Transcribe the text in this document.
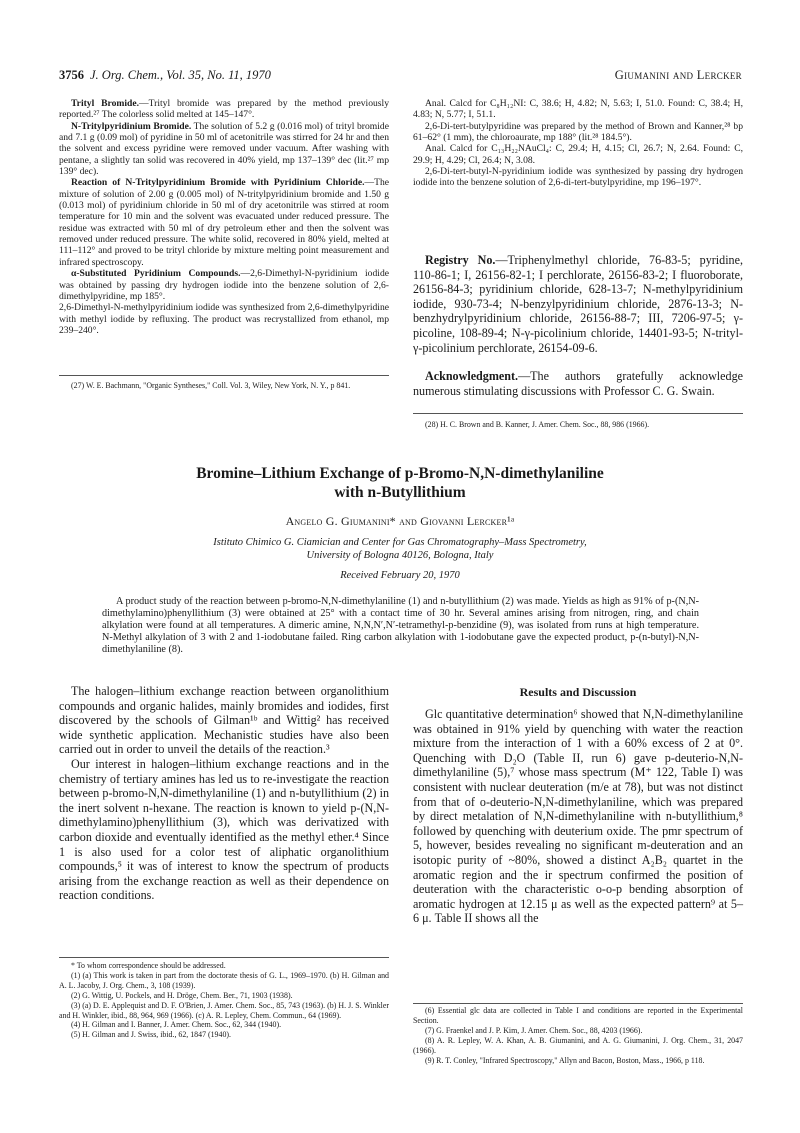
3756 J. Org. Chem., Vol. 35, No. 11, 1970	Giumanini and Lercker

Trityl Bromide.—Trityl bromide was prepared by the method previously reported.²⁷ The colorless solid melted at 145–147°.

N-Tritylpyridinium Bromide. The solution of 5.2 g (0.016 mol) of trityl bromide and 7.1 g (0.09 mol) of pyridine in 50 ml of acetonitrile was stirred for 24 hr and then the solvent and excess pyridine were removed under vacuum. After washing with pentane, a slightly tan solid was recovered in 40% yield, mp 137–139° dec (lit.²⁷ mp 139° dec).

Reaction of N-Tritylpyridinium Bromide with Pyridinium Chloride.—The mixture of solution of 2.00 g (0.005 mol) of N-tritylpyridinium bromide and 1.50 g (0.013 mol) of pyridinium chloride in 50 ml of dry acetonitrile was stirred at room temperature for 10 min and the solvent was evacuated under reduced pressure. The residue was extracted with 50 ml of dry petroleum ether and then the solvent was removed under reduced pressure. The white solid, recovered in 80% yield, melted at 111–112° and proved to be trityl chloride by mixture melting point measurement and infrared spectroscopy.

α-Substituted Pyridinium Compounds.—2,6-Dimethyl-N-pyridinium iodide was obtained by passing dry hydrogen iodide into the benzene solution of 2,6-dimethylpyridine, mp 185°.

2,6-Dimethyl-N-methylpyridinium iodide was synthesized from 2,6-dimethylpyridine with methyl iodide by refluxing. The product was recrystallized from ethanol, mp 239–240°.

(27) W. E. Bachmann, "Organic Syntheses," Coll. Vol. 3, Wiley, New York, N. Y., p 841.

Anal. Calcd for C₈H₁₂NI: C, 38.6; H, 4.82; N, 5.63; I, 51.0. Found: C, 38.4; H, 4.83; N, 5.77; I, 51.1.

2,6-Di-tert-butylpyridine was prepared by the method of Brown and Kanner,²⁸ bp 61–62° (1 mm), the chloroaurate, mp 188° (lit.²⁸ 184.5°).

Anal. Calcd for C₁₃H₂₂NAuCl₄: C, 29.4; H, 4.15; Cl, 26.7; N, 2.64. Found: C, 29.9; H, 4.29; Cl, 26.4; N, 3.08.

2,6-Di-tert-butyl-N-pyridinium iodide was synthesized by passing dry hydrogen iodide into the benzene solution of 2,6-di-tert-butylpyridine, mp 196–197°.

Registry No.—Triphenylmethyl chloride, 76-83-5; pyridine, 110-86-1; I, 26156-82-1; I perchlorate, 26156-83-2; I fluoroborate, 26156-84-3; pyridinium chloride, 628-13-7; N-methylpyridinium iodide, 930-73-4; N-benzylpyridinium chloride, 2876-13-3; N-benzhydrylpyridinium chloride, 26156-88-7; III, 7206-97-5; γ-picoline, 108-89-4; N-γ-picolinium chloride, 14401-93-5; N-trityl-γ-picolinium perchlorate, 26154-09-6.

Acknowledgment.—The authors gratefully acknowledge numerous stimulating discussions with Professor C. G. Swain.

(28) H. C. Brown and B. Kanner, J. Amer. Chem. Soc., 88, 986 (1966).

Bromine–Lithium Exchange of p-Bromo-N,N-dimethylaniline
with n-Butyllithium
Angelo G. Giumanini* and Giovanni Lercker¹ᵃ
Istituto Chimico G. Ciamician and Center for Gas Chromatography–Mass Spectrometry,
University of Bologna 40126, Bologna, Italy
Received February 20, 1970

A product study of the reaction between p-bromo-N,N-dimethylaniline (1) and n-butyllithium (2) was made. Yields as high as 91% of p-(N,N-dimethylamino)phenyllithium (3) were obtained at 25° with a contact time of 30 hr. Several amines arising from nitrogen, ring, and chain alkylation were found at all temperatures. A dimeric amine, N,N,N′,N′-tetramethyl-p-benzidine (9), was isolated from runs at high temperature. N-Methyl alkylation of 3 with 2 and 1-iodobutane failed. Ring carbon alkylation with 1-iodobutane gave the expected product, p-(n-butyl)-N,N-dimethylaniline (8).

The halogen–lithium exchange reaction between organolithium compounds and organic halides, mainly bromides and iodides, first discovered by the schools of Gilman¹ᵇ and Wittig² has received wide synthetic application. Mechanistic studies have also been carried out in order to unveil the details of the reaction.³

Our interest in halogen–lithium exchange reactions and in the chemistry of tertiary amines has led us to re-investigate the reaction between p-bromo-N,N-dimethylaniline (1) and n-butyllithium (2) in the inert solvent n-hexane. The reaction is known to yield p-(N,N-dimethylamino)phenyllithium (3), which was derivatized with carbon dioxide and eventually identified as the methyl ether.⁴ Since 1 is also used for a color test of aliphatic organolithium compounds,⁵ it was of interest to know the spectrum of products arising from the exchange reaction as well as their dependence on reaction conditions.

* To whom correspondence should be addressed.

(1) (a) This work is taken in part from the doctorate thesis of G. L., 1969–1970. (b) H. Gilman and A. L. Jacoby, J. Org. Chem., 3, 108 (1939).

(2) G. Wittig, U. Pockels, and H. Dröge, Chem. Ber., 71, 1903 (1938).

(3) (a) D. E. Applequist and D. F. O'Brien, J. Amer. Chem. Soc., 85, 743 (1963). (b) H. J. S. Winkler and H. Winkler, ibid., 88, 964, 969 (1966). (c) A. R. Lepley, Chem. Commun., 64 (1969).

(4) H. Gilman and I. Banner, J. Amer. Chem. Soc., 62, 344 (1940).

(5) H. Gilman and J. Swiss, ibid., 62, 1847 (1940).

Results and Discussion

Glc quantitative determination⁶ showed that N,N-dimethylaniline was obtained in 91% yield by quenching with water the reaction mixture from the interaction of 1 with a 60% excess of 2 at 0°. Quenching with D₂O (Table II, run 6) gave p-deuterio-N,N-dimethylaniline (5),⁷ whose mass spectrum (M⁺ 122, Table I) was consistent with nuclear deuteration (m/e at 78), but was not distinct from that of o-deuterio-N,N-dimethylaniline, which was prepared by direct metalation of N,N-dimethylaniline with n-butyllithium,⁸ followed by quenching with deuterium oxide. The pmr spectrum of 5, however, besides revealing no significant m-deuteration and an isotopic purity of ~80%, showed a distinct A₂B₂ quartet in the aromatic region and the ir spectrum confirmed the position of deuteration with the characteristic o-o-p bending absorption of aromatic hydrogen at 12.15 μ as well as the expected pattern⁹ at 5–6 μ. Table II shows all the

(6) Essential glc data are collected in Table I and conditions are reported in the Experimental Section.

(7) G. Fraenkel and J. P. Kim, J. Amer. Chem. Soc., 88, 4203 (1966).

(8) A. R. Lepley, W. A. Khan, A. B. Giumanini, and A. G. Giumanini, J. Org. Chem., 31, 2047 (1966).

(9) R. T. Conley, "Infrared Spectroscopy," Allyn and Bacon, Boston, Mass., 1966, p 118.
